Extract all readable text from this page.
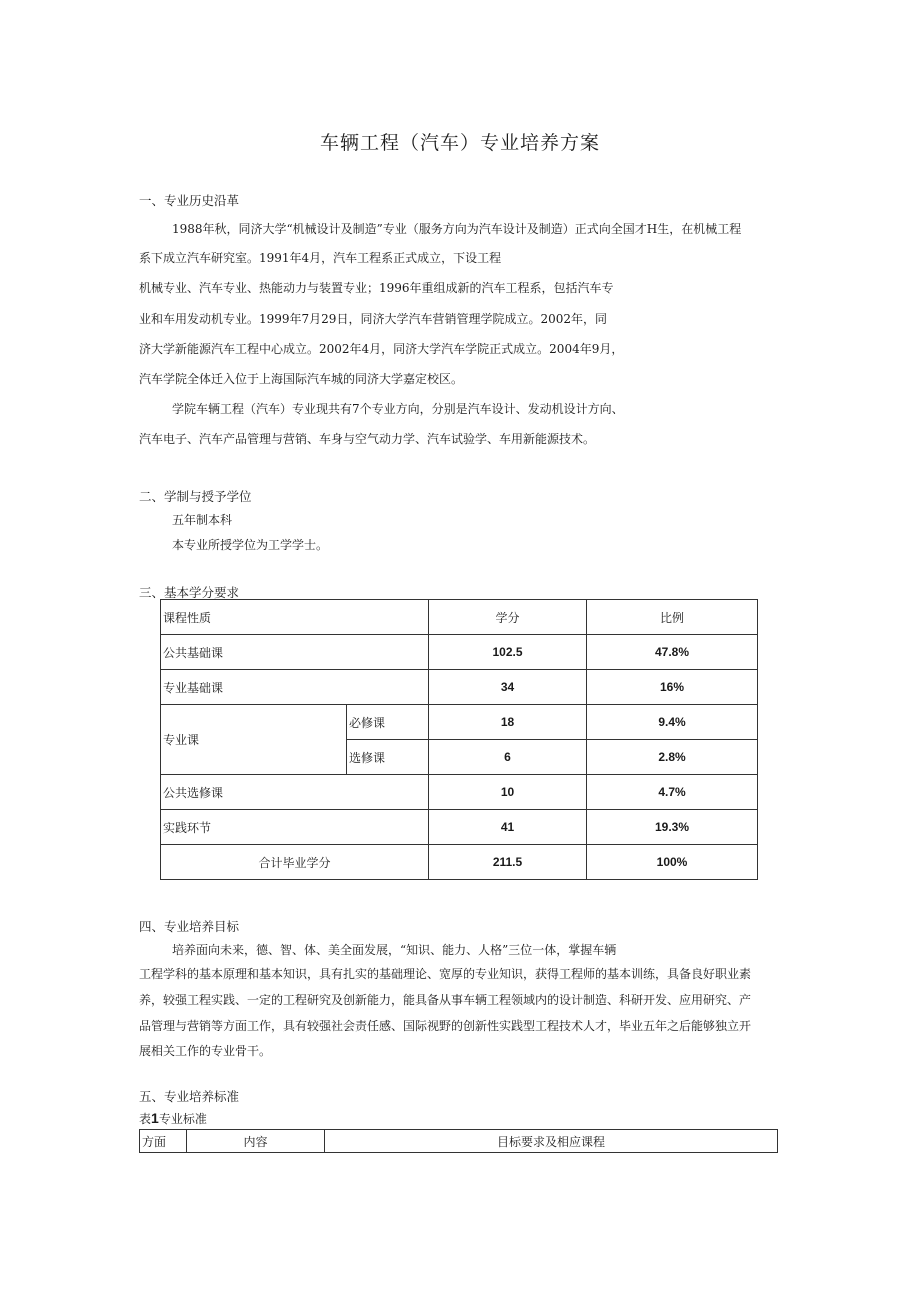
车辆工程（汽车）专业培养方案
一、专业历史沿革
1988年秋，同济大学“机械设计及制造”专业（服务方向为汽车设计及制造）正式向全国才H生，在机械工程
系下成立汽车研究室。1991年4月，汽车工程系正式成立，下设工程
机械专业、汽车专业、热能动力与装置专业；1996年重组成新的汽车工程系，包括汽车专
业和车用发动机专业。1999年7月29日，同济大学汽车营销管理学院成立。2002年，同
济大学新能源汽车工程中心成立。2002年4月，同济大学汽车学院正式成立。2004年9月，
汽车学院全体迁入位于上海国际汽车城的同济大学嘉定校区。
学院车辆工程（汽车）专业现共有7个专业方向，分别是汽车设计、发动机设计方向、
汽车电子、汽车产品管理与营销、车身与空气动力学、汽车试验学、车用新能源技术。
二、学制与授予学位
五年制本科
本专业所授学位为工学学士。
三、基本学分要求
课程性质		学分	比例
公共基础课		102.5	47.8%
专业基础课		34	16%
专业课	必修课	18	9.4%
	选修课	6	2.8%
公共选修课		10	4.7%
实践环节		41	19.3%
合计毕业学分		211.5	100%
四、专业培养目标
培养面向未来，德、智、体、美全面发展，“知识、能力、人格”三位一体，掌握车辆
工程学科的基本原理和基本知识，具有扎实的基础理论、宽厚的专业知识，获得工程师的基本训练，具备良好职业素
养，较强工程实践、一定的工程研究及创新能力，能具备从事车辆工程领域内的设计制造、科研开发、应用研究、产
品管理与营销等方面工作，具有较强社会责任感、国际视野的创新性实践型工程技术人才，毕业五年之后能够独立开
展相关工作的专业骨干。
五、专业培养标准
表1专业标准
方面	内容	目标要求及相应课程
